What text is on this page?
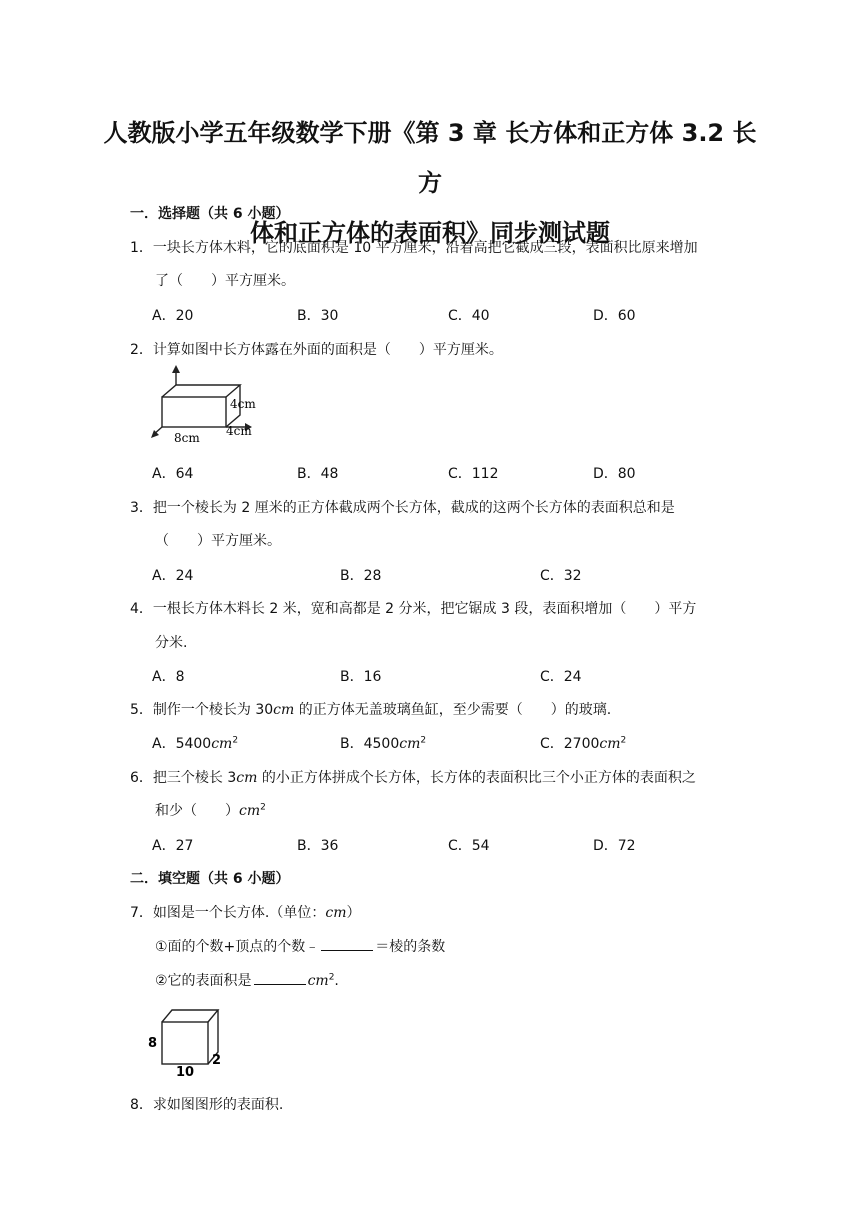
人教版小学五年级数学下册《第 3 章 长方体和正方体 3.2 长方
体和正方体的表面积》同步测试题
一．选择题（共 6 小题）
1．一块长方体木料，它的底面积是 10 平方厘米，沿着高把它截成三段，表面积比原来增加
了（　　）平方厘米。
A．20	B．30	C．40	D．60
2．计算如图中长方体露在外面的面积是（　　）平方厘米。
4cm
4cm
8cm
A．64	B．48	C．112	D．80
3．把一个棱长为 2 厘米的正方体截成两个长方体，截成的这两个长方体的表面积总和是
（　　）平方厘米。
A．24	B．28	C．32
4．一根长方体木料长 2 米，宽和高都是 2 分米，把它锯成 3 段，表面积增加（　　）平方
分米.
A．8	B．16	C．24
5．制作一个棱长为 30cm 的正方体无盖玻璃鱼缸，至少需要（　　）的玻璃.
A．$5400cm^2$	B．$4500cm^2$	C．$2700cm^2$
6．把三个棱长 3cm 的小正方体拼成个长方体，长方体的表面积比三个小正方体的表面积之
和少（　　）$cm^2$
A．27	B．36	C．54	D．72
二．填空题（共 6 小题）
7．如图是一个长方体.（单位：cm）
①面的个数+顶点的个数﹣	＝棱的条数
②它的表面积是	$cm^2$.
8
10
2
8．求如图图形的表面积.
